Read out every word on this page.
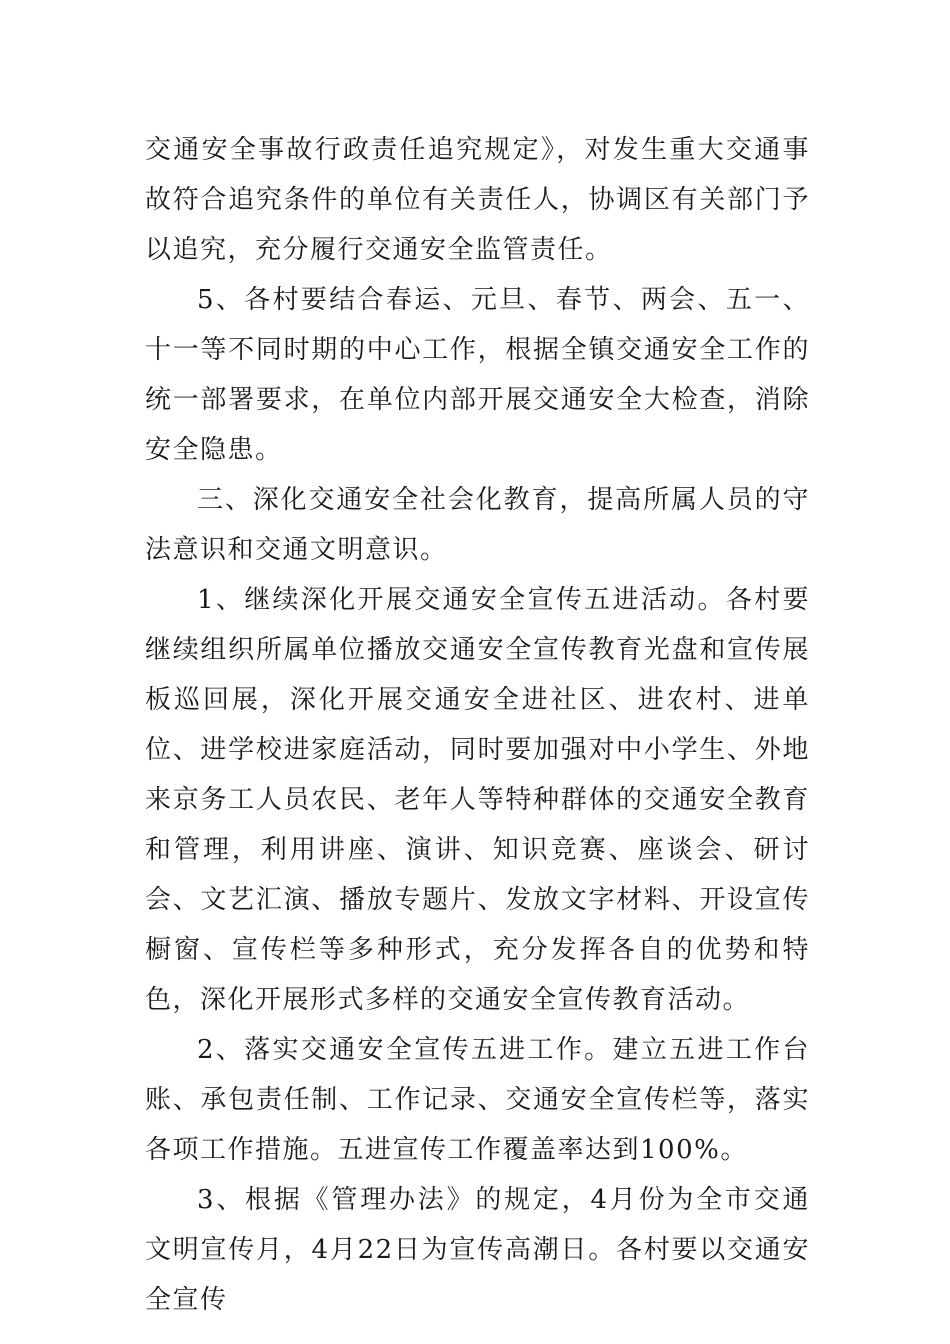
交通安全事故行政责任追究规定》，对发生重大交通事故符合追究条件的单位有关责任人，协调区有关部门予以追究，充分履行交通安全监管责任。

5、各村要结合春运、元旦、春节、两会、五一、十一等不同时期的中心工作，根据全镇交通安全工作的统一部署要求，在单位内部开展交通安全大检查，消除安全隐患。

三、深化交通安全社会化教育，提高所属人员的守法意识和交通文明意识。

1、继续深化开展交通安全宣传五进活动。各村要继续组织所属单位播放交通安全宣传教育光盘和宣传展板巡回展，深化开展交通安全进社区、进农村、进单位、进学校进家庭活动，同时要加强对中小学生、外地来京务工人员农民、老年人等特种群体的交通安全教育和管理，利用讲座、演讲、知识竞赛、座谈会、研讨会、文艺汇演、播放专题片、发放文字材料、开设宣传橱窗、宣传栏等多种形式，充分发挥各自的优势和特色，深化开展形式多样的交通安全宣传教育活动。

2、落实交通安全宣传五进工作。建立五进工作台账、承包责任制、工作记录、交通安全宣传栏等，落实各项工作措施。五进宣传工作覆盖率达到100%。

3、根据《管理办法》的规定，4月份为全市交通文明宣传月，4月22日为宣传高潮日。各村要以交通安全宣传
